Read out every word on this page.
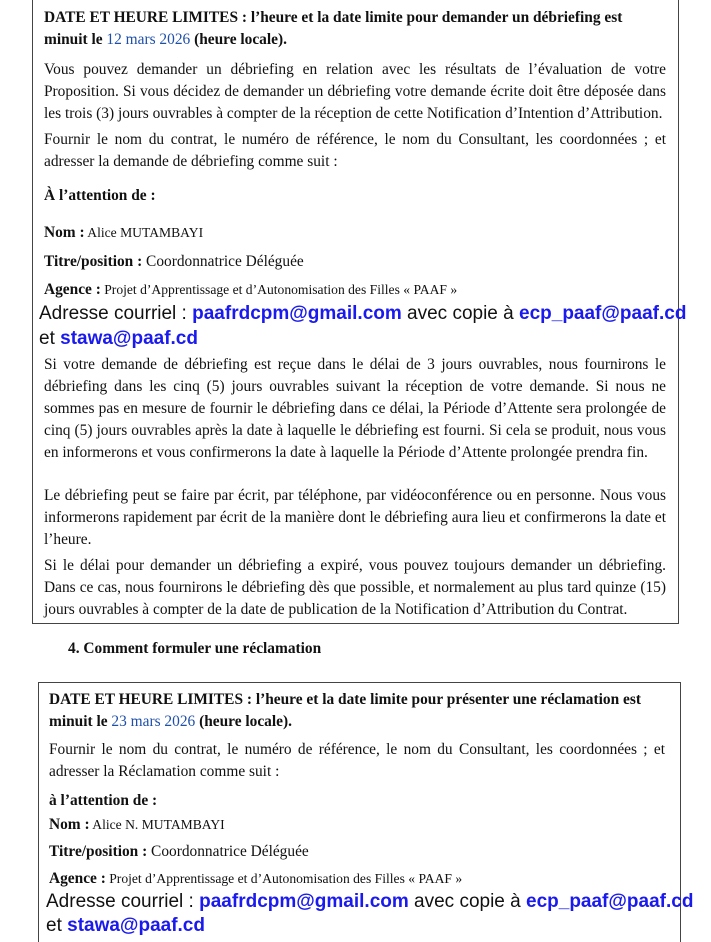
DATE ET HEURE LIMITES : l’heure et la date limite pour demander un débriefing est
minuit le 12 mars 2026 (heure locale).
Vous pouvez demander un débriefing en relation avec les résultats de l’évaluation de votre Proposition. Si vous décidez de demander un débriefing votre demande écrite doit être déposée dans les trois (3) jours ouvrables à compter de la réception de cette Notification d’Intention d’Attribution.
Fournir le nom du contrat, le numéro de référence, le nom du Consultant, les coordonnées ; et adresser la demande de débriefing comme suit :
À l’attention de :
Nom : Alice MUTAMBAYI
Titre/position : Coordonnatrice Déléguée
Agence : Projet d’Apprentissage et d’Autonomisation des Filles « PAAF »
Adresse courriel : paafrdcpm@gmail.com avec copie à ecp_paaf@paaf.cd
et stawa@paaf.cd
Si votre demande de débriefing est reçue dans le délai de 3 jours ouvrables, nous fournirons le débriefing dans les cinq (5) jours ouvrables suivant la réception de votre demande. Si nous ne sommes pas en mesure de fournir le débriefing dans ce délai, la Période d’Attente sera prolongée de cinq (5) jours ouvrables après la date à laquelle le débriefing est fourni. Si cela se produit, nous vous en informerons et vous confirmerons la date à laquelle la Période d’Attente prolongée prendra fin.
Le débriefing peut se faire par écrit, par téléphone, par vidéoconférence ou en personne. Nous vous informerons rapidement par écrit de la manière dont le débriefing aura lieu et confirmerons la date et l’heure.
Si le délai pour demander un débriefing a expiré, vous pouvez toujours demander un débriefing. Dans ce cas, nous fournirons le débriefing dès que possible, et normalement au plus tard quinze (15) jours ouvrables à compter de la date de publication de la Notification d’Attribution du Contrat.
4. Comment formuler une réclamation
DATE ET HEURE LIMITES : l’heure et la date limite pour présenter une réclamation est
minuit le 23 mars 2026 (heure locale).
Fournir le nom du contrat, le numéro de référence, le nom du Consultant, les coordonnées ; et adresser la Réclamation comme suit :
à l’attention de :
Nom : Alice N. MUTAMBAYI
Titre/position : Coordonnatrice Déléguée
Agence : Projet d’Apprentissage et d’Autonomisation des Filles « PAAF »
Adresse courriel : paafrdcpm@gmail.com avec copie à ecp_paaf@paaf.cd
et stawa@paaf.cd
